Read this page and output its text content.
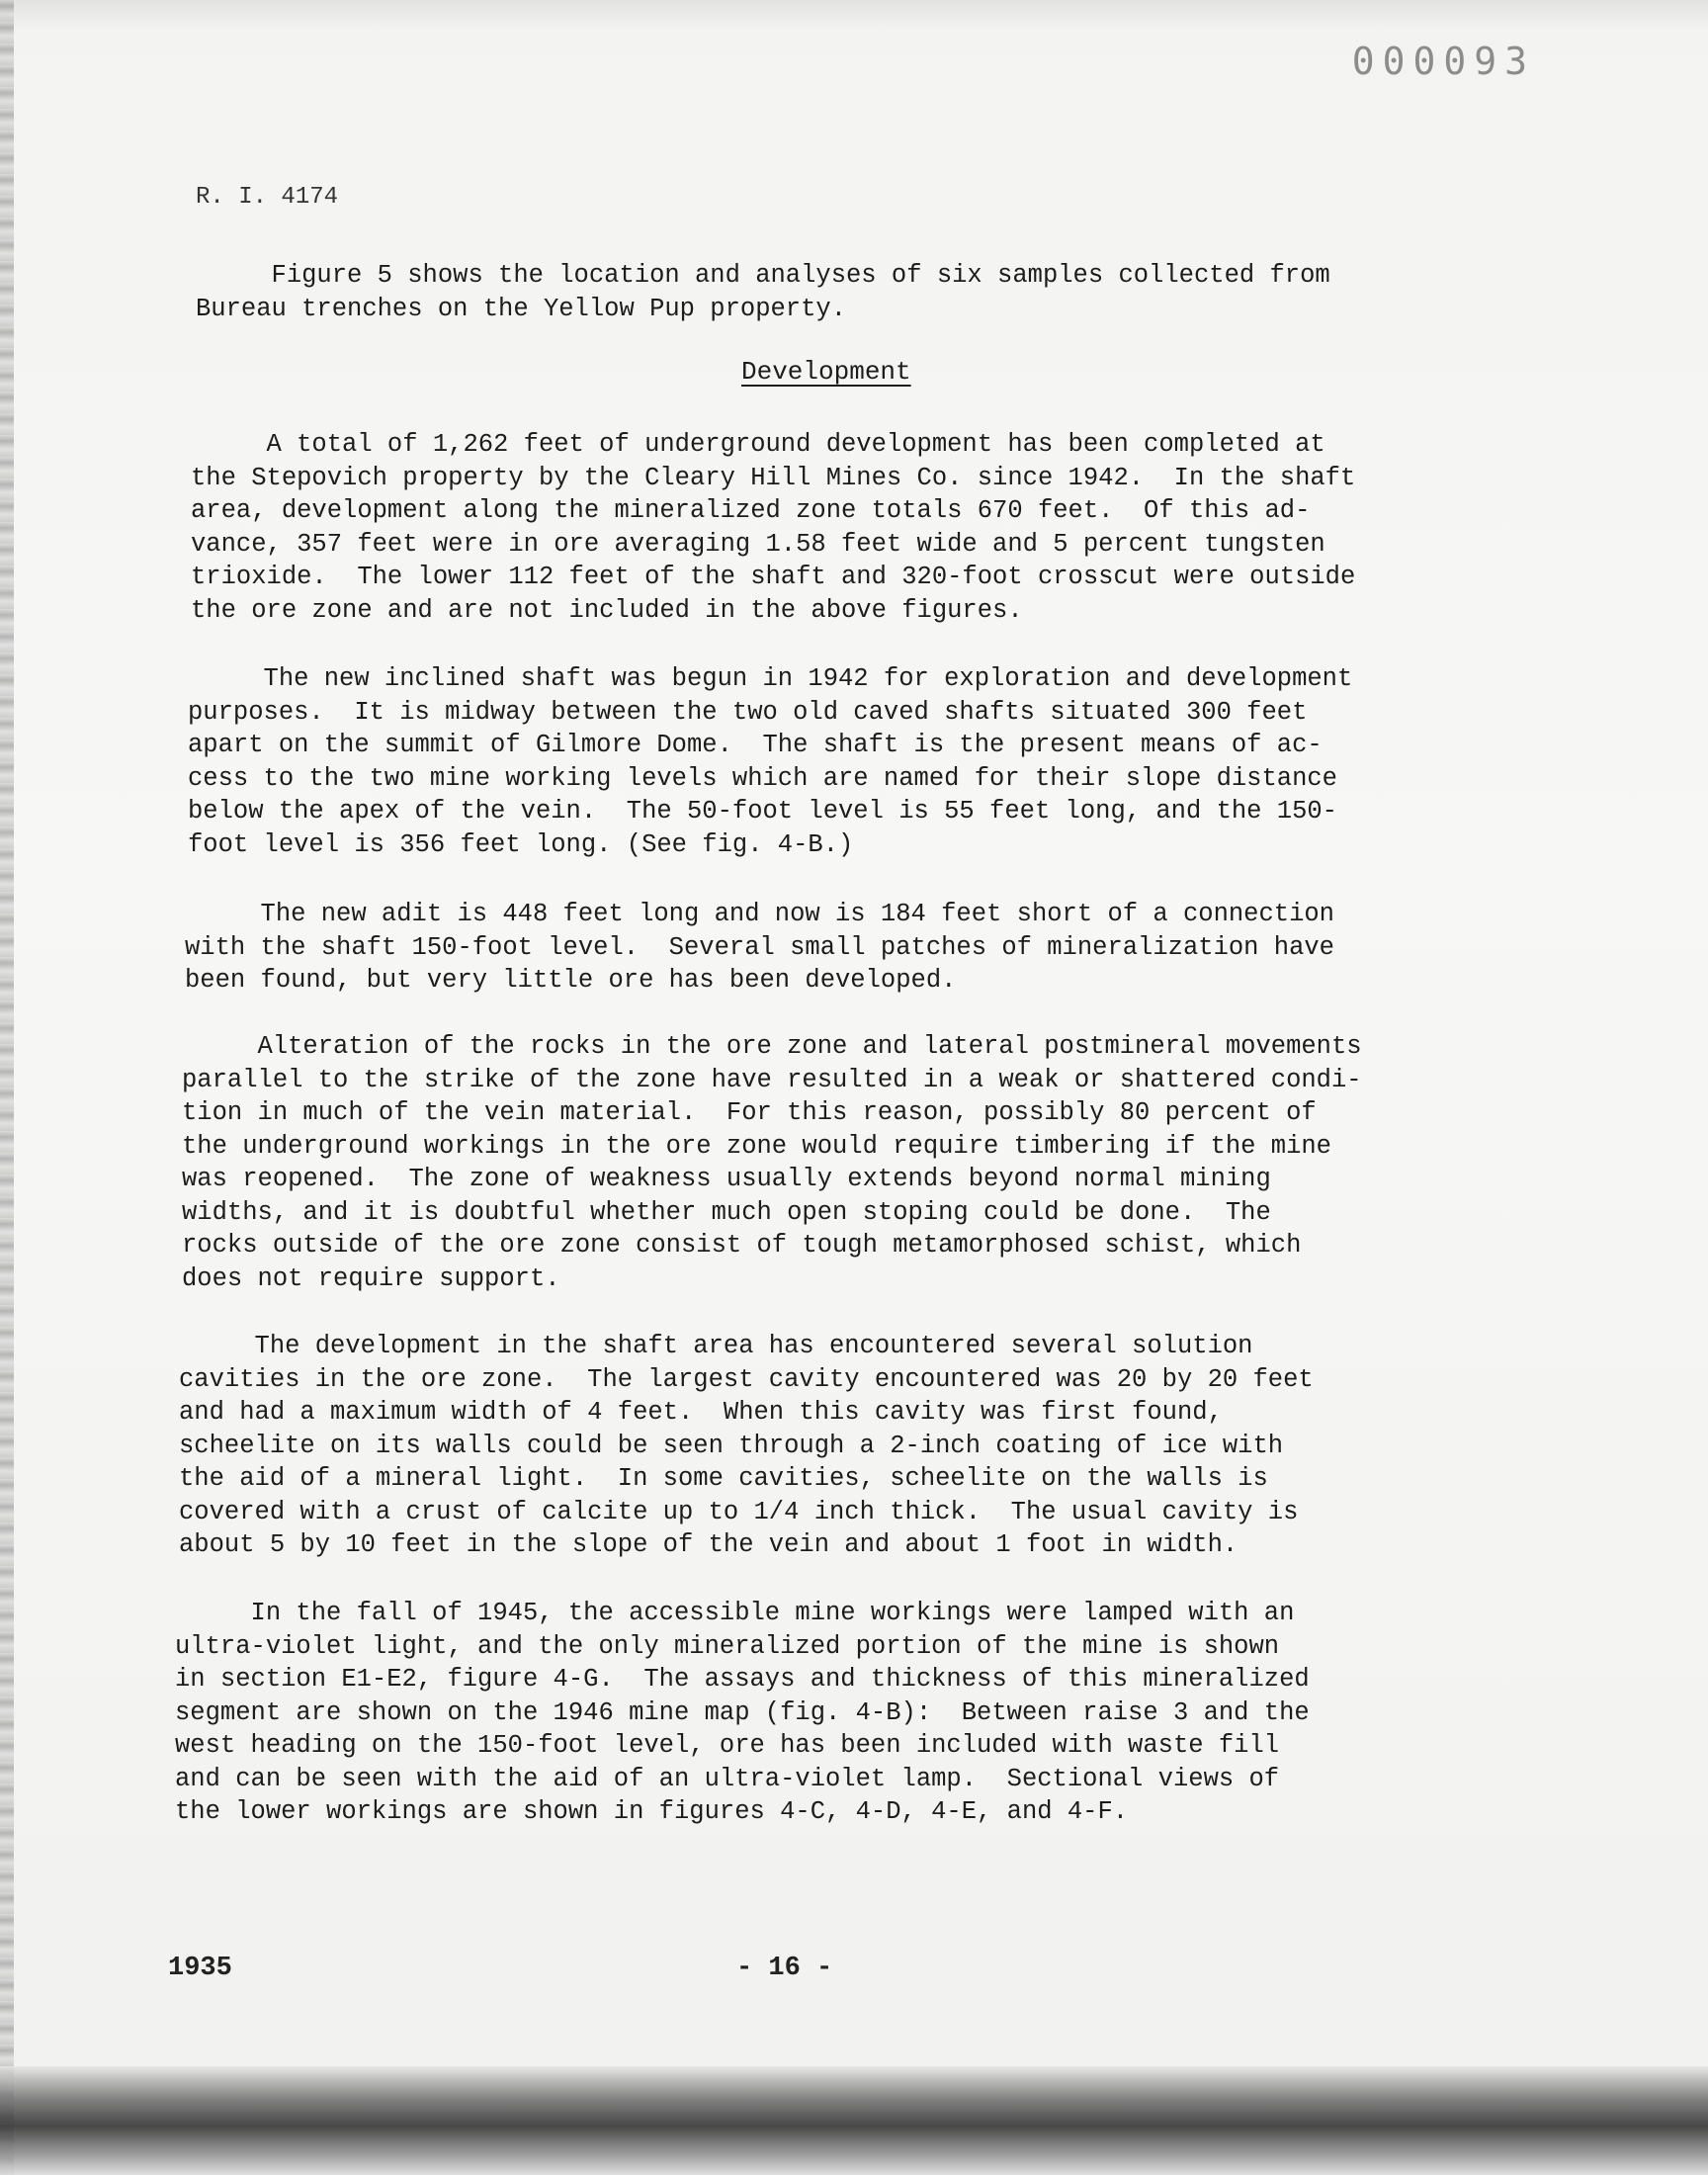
000093
R. I. 4174

Figure 5 shows the location and analyses of six samples collected from
Bureau trenches on the Yellow Pup property.

Development

A total of 1,262 feet of underground development has been completed at
the Stepovich property by the Cleary Hill Mines Co. since 1942.  In the shaft
area, development along the mineralized zone totals 670 feet.  Of this ad-
vance, 357 feet were in ore averaging 1.58 feet wide and 5 percent tungsten
trioxide.  The lower 112 feet of the shaft and 320-foot crosscut were outside
the ore zone and are not included in the above figures.

The new inclined shaft was begun in 1942 for exploration and development
purposes.  It is midway between the two old caved shafts situated 300 feet
apart on the summit of Gilmore Dome.  The shaft is the present means of ac-
cess to the two mine working levels which are named for their slope distance
below the apex of the vein.  The 50-foot level is 55 feet long, and the 150-
foot level is 356 feet long. (See fig. 4-B.)

The new adit is 448 feet long and now is 184 feet short of a connection
with the shaft 150-foot level.  Several small patches of mineralization have
been found, but very little ore has been developed.

Alteration of the rocks in the ore zone and lateral postmineral movements
parallel to the strike of the zone have resulted in a weak or shattered condi-
tion in much of the vein material.  For this reason, possibly 80 percent of
the underground workings in the ore zone would require timbering if the mine
was reopened.  The zone of weakness usually extends beyond normal mining
widths, and it is doubtful whether much open stoping could be done.  The
rocks outside of the ore zone consist of tough metamorphosed schist, which
does not require support.

The development in the shaft area has encountered several solution
cavities in the ore zone.  The largest cavity encountered was 20 by 20 feet
and had a maximum width of 4 feet.  When this cavity was first found,
scheelite on its walls could be seen through a 2-inch coating of ice with
the aid of a mineral light.  In some cavities, scheelite on the walls is
covered with a crust of calcite up to 1/4 inch thick.  The usual cavity is
about 5 by 10 feet in the slope of the vein and about 1 foot in width.

In the fall of 1945, the accessible mine workings were lamped with an
ultra-violet light, and the only mineralized portion of the mine is shown
in section E1-E2, figure 4-G.  The assays and thickness of this mineralized
segment are shown on the 1946 mine map (fig. 4-B):  Between raise 3 and the
west heading on the 150-foot level, ore has been included with waste fill
and can be seen with the aid of an ultra-violet lamp.  Sectional views of
the lower workings are shown in figures 4-C, 4-D, 4-E, and 4-F.

1935	- 16 -
